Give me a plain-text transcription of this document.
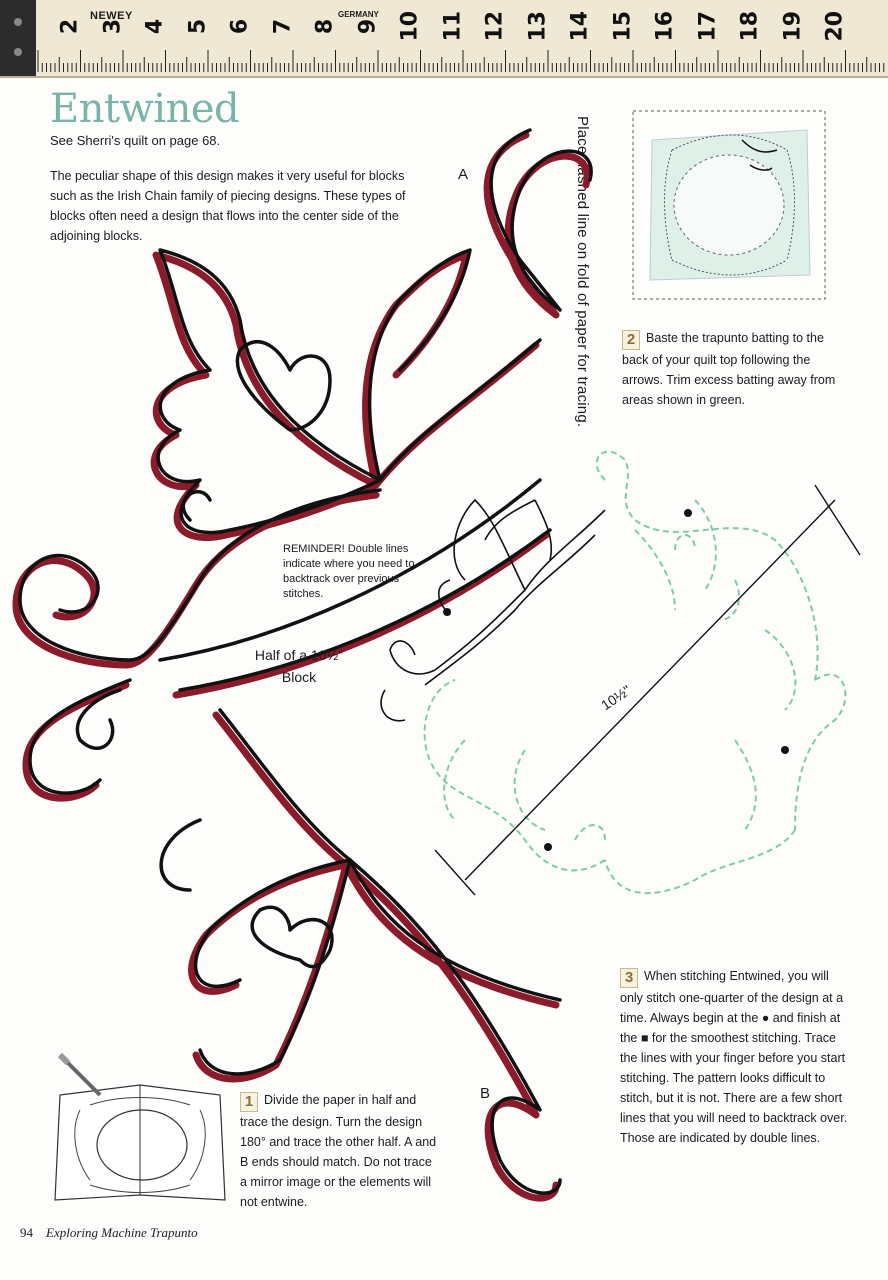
NEWEY	GERMANY
2 3 4 5 6 7 8 9 10 11 12 13 14 15 16 17 18 19 20
Entwined
See Sherri's quilt on page 68.
The peculiar shape of this design makes it very useful for blocks such as the Irish Chain family of piecing designs. These types of blocks often need a design that flows into the center side of the adjoining blocks.	Place dashed line on fold of paper for tracing.	2 Baste the trapunto batting to the back of your quilt top following the arrows. Trim excess batting away from areas shown in green.
10½"
A
B
REMINDER! Double lines indicate where you need to backtrack over previous stitches.
Half of a 10½" Block
3 When stitching Entwined, you will only stitch one-quarter of the design at a time. Always begin at the ● and finish at the ■ for the smoothest stitching. Trace the lines with your finger before you start stitching. The pattern looks difficult to stitch, but it is not. There are a few short lines that you will need to backtrack over. Those are indicated by double lines.
1 Divide the paper in half and trace the design. Turn the design 180° and trace the other half. A and B ends should match. Do not trace a mirror image or the elements will not entwine.
94 Exploring Machine Trapunto
